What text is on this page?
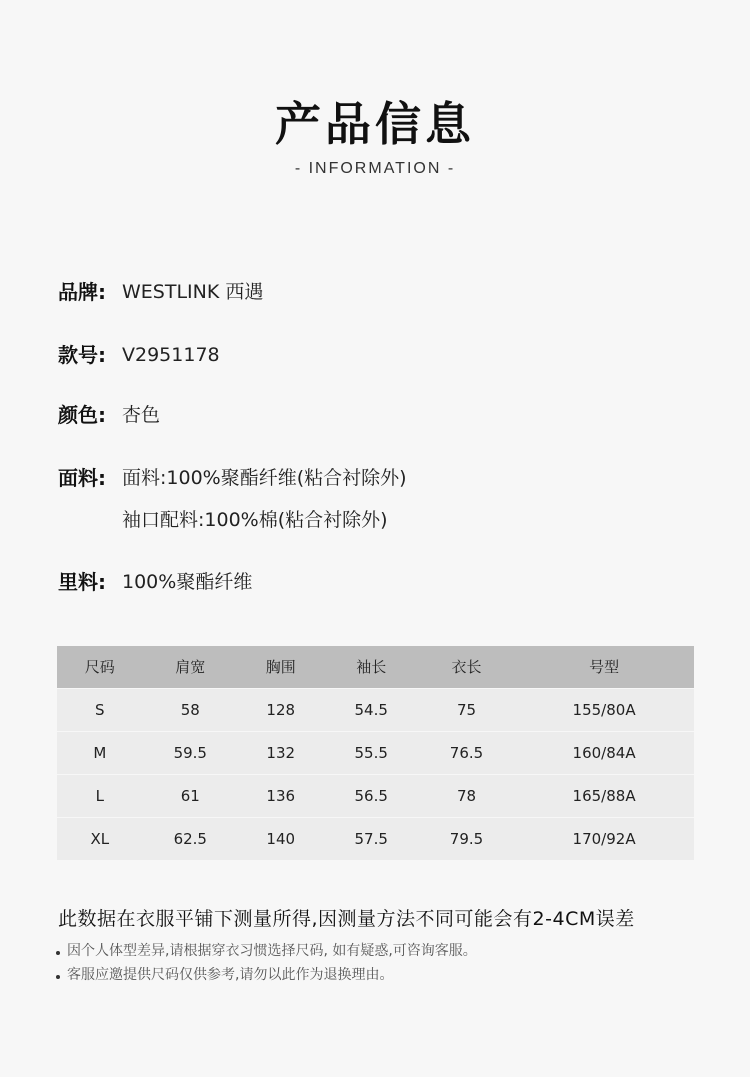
产品信息
- INFORMATION -
品牌: WESTLINK 西遇
款号: V2951178
颜色: 杏色
面料: 面料:100%聚酯纤维(粘合衬除外)
袖口配料:100%棉(粘合衬除外)
里料: 100%聚酯纤维
尺码	肩宽	胸围	袖长	衣长	号型
S	58	128	54.5	75	155/80A
M	59.5	132	55.5	76.5	160/84A
L	61	136	56.5	78	165/88A
XL	62.5	140	57.5	79.5	170/92A
此数据在衣服平铺下测量所得,因测量方法不同可能会有2-4CM误差
因个人体型差异,请根据穿衣习惯选择尺码, 如有疑惑,可咨询客服。
客服应邀提供尺码仅供参考,请勿以此作为退换理由。
